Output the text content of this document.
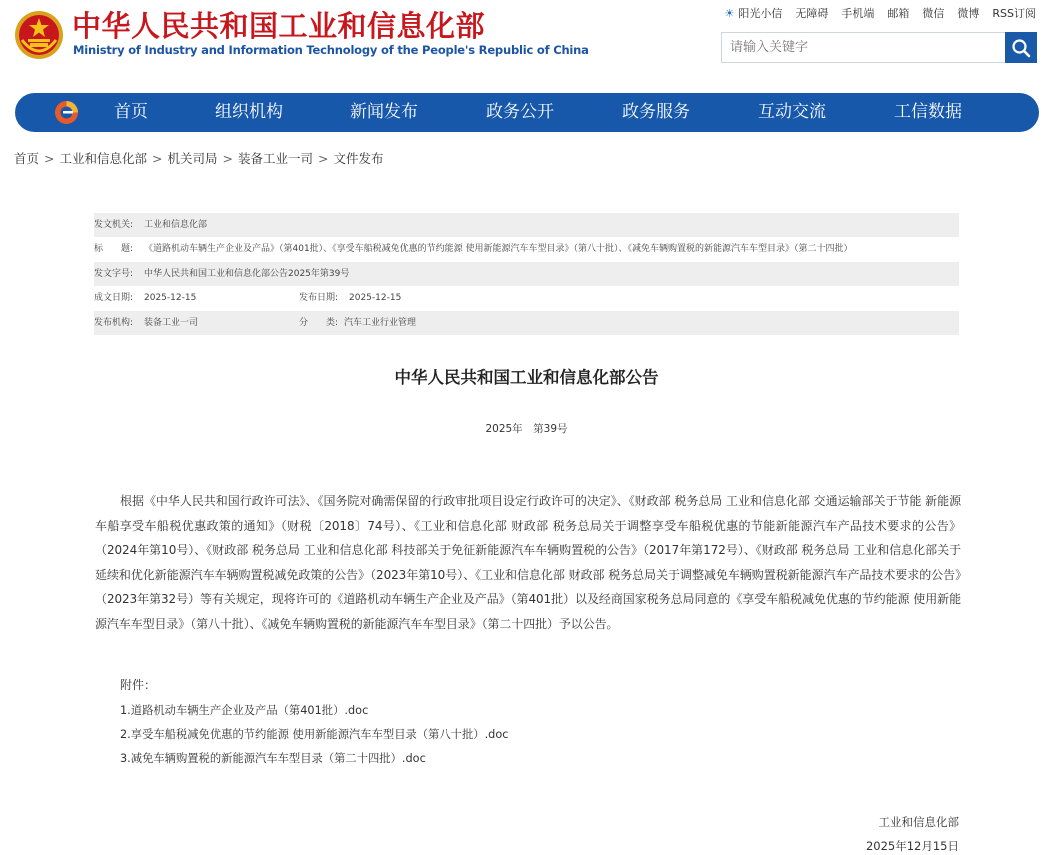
中华人民共和国工业和信息化部
Ministry of Industry and Information Technology of the People's Republic of China
☀ 阳光小信 无障碍 手机端 邮箱 微信 微博 RSS订阅
请输入关键字
首页	组织机构	新闻发布	政务公开	政务服务	互动交流	工信数据
首页 > 工业和信息化部 > 机关司局 > 装备工业一司 > 文件发布
发文机关: 工业和信息化部
标　　题: 《道路机动车辆生产企业及产品》（第401批）、《享受车船税减免优惠的节约能源 使用新能源汽车车型目录》（第八十批）、《减免车辆购置税的新能源汽车车型目录》（第二十四批）
发文字号: 中华人民共和国工业和信息化部公告2025年第39号
成文日期: 2025-12-15	发布日期: 2025-12-15
发布机构: 装备工业一司	分　　类: 汽车工业行业管理
中华人民共和国工业和信息化部公告
2025年　第39号

根据《中华人民共和国行政许可法》、《国务院对确需保留的行政审批项目设定行政许可的决定》、《财政部 税务总局 工业和信息化部 交通运输部关于节能 新能源车船享受车船税优惠政策的通知》（财税〔2018〕74号）、《工业和信息化部 财政部 税务总局关于调整享受车船税优惠的节能新能源汽车产品技术要求的公告》（2024年第10号）、《财政部 税务总局 工业和信息化部 科技部关于免征新能源汽车车辆购置税的公告》（2017年第172号）、《财政部 税务总局 工业和信息化部关于延续和优化新能源汽车车辆购置税减免政策的公告》（2023年第10号）、《工业和信息化部 财政部 税务总局关于调整减免车辆购置税新能源汽车产品技术要求的公告》（2023年第32号）等有关规定，现将许可的《道路机动车辆生产企业及产品》（第401批）以及经商国家税务总局同意的《享受车船税减免优惠的节约能源 使用新能源汽车车型目录》（第八十批）、《减免车辆购置税的新能源汽车车型目录》（第二十四批）予以公告。

附件：
1.道路机动车辆生产企业及产品（第401批）.doc
2.享受车船税减免优惠的节约能源 使用新能源汽车车型目录（第八十批）.doc
3.减免车辆购置税的新能源汽车车型目录（第二十四批）.doc
工业和信息化部
2025年12月15日
